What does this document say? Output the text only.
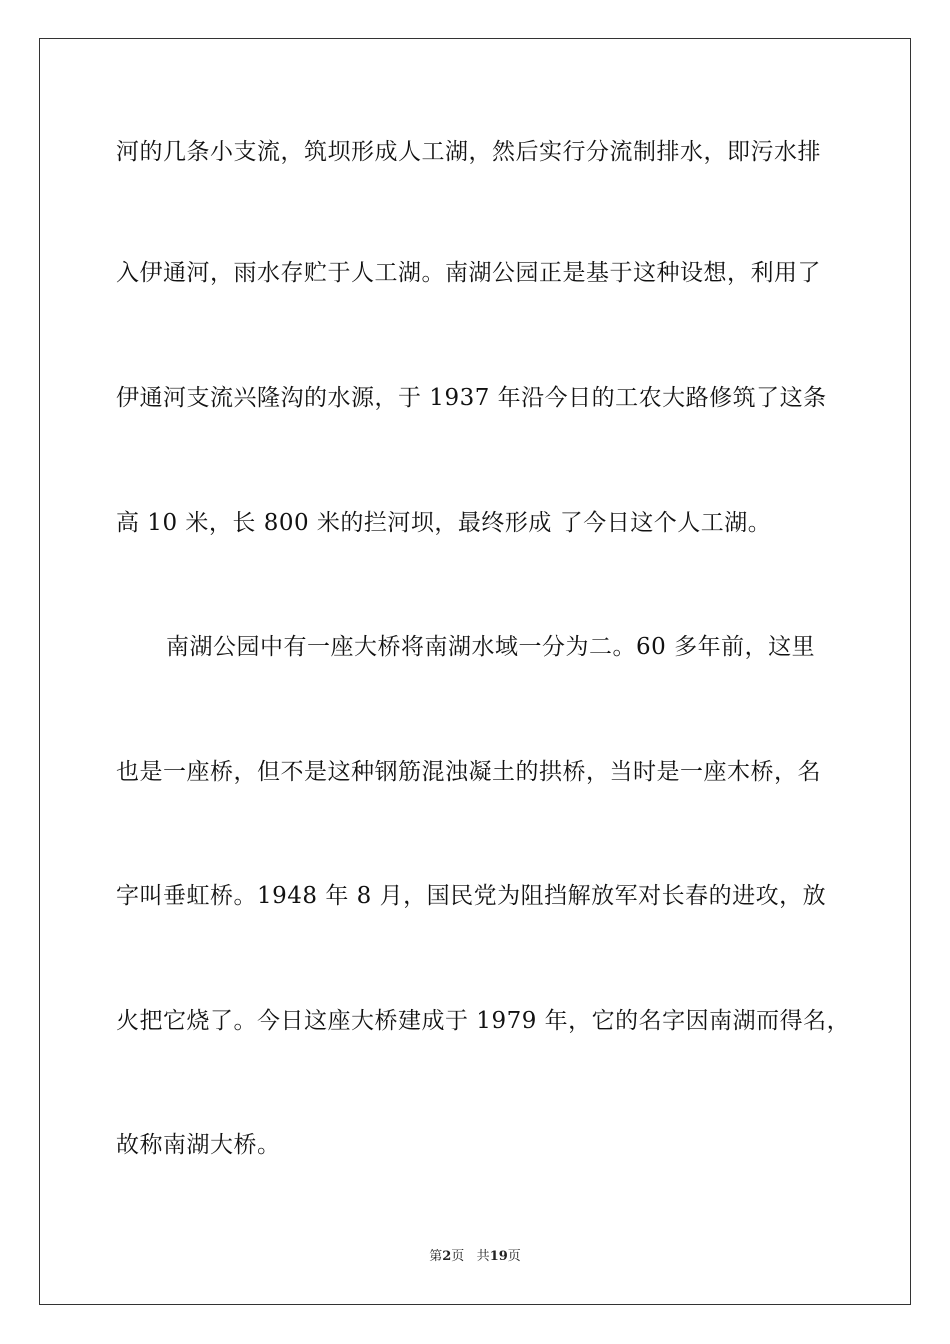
河的几条小支流，筑坝形成人工湖，然后实行分流制排水，即污水排
入伊通河，雨水存贮于人工湖。南湖公园正是基于这种设想，利用了
伊通河支流兴隆沟的水源，于 1937 年沿今日的工农大路修筑了这条
高 10 米，长 800 米的拦河坝，最终形成 了今日这个人工湖。
南湖公园中有一座大桥将南湖水域一分为二。60 多年前，这里
也是一座桥，但不是这种钢筋混浊凝土的拱桥，当时是一座木桥，名
字叫垂虹桥。1948 年 8 月，国民党为阻挡解放军对长春的进攻，放
火把它烧了。今日这座大桥建成于 1979 年，它的名字因南湖而得名，
故称南湖大桥。
第2页 共19页
